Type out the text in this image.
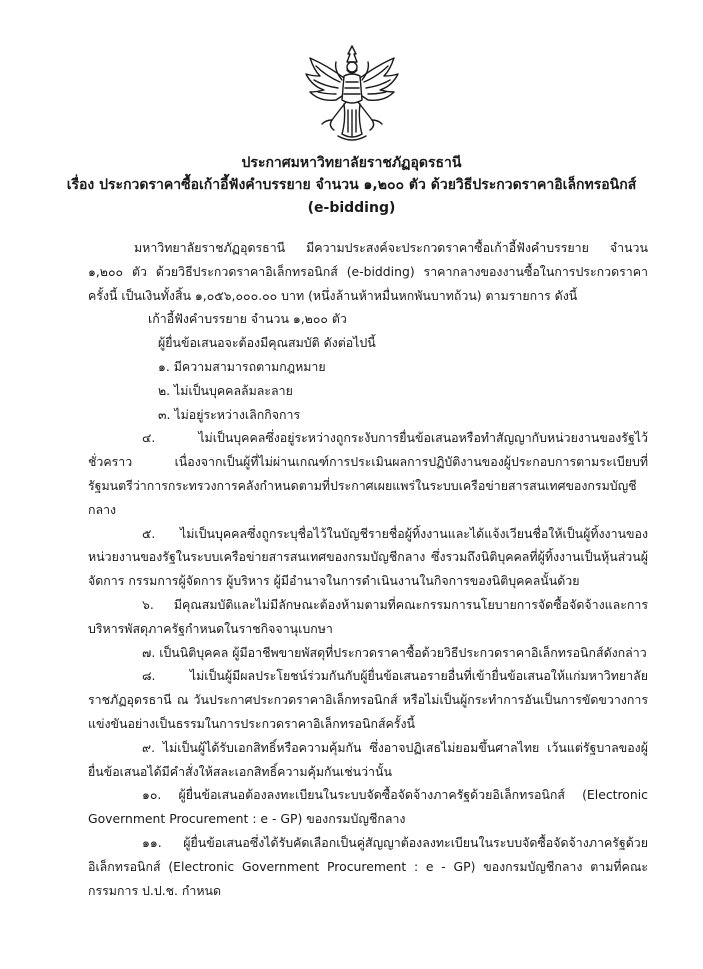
ประกาศมหาวิทยาลัยราชภัฏอุดรธานี
เรื่อง ประกวดราคาซื้อเก้าอี้ฟังคำบรรยาย จำนวน ๑,๒๐๐ ตัว ด้วยวิธีประกวดราคาอิเล็กทรอนิกส์
(e-bidding)

มหาวิทยาลัยราชภัฏอุดรธานี มีความประสงค์จะประกวดราคาซื้อเก้าอี้ฟังคำบรรยาย จำนวน ๑,๒๐๐ ตัว ด้วยวิธีประกวดราคาอิเล็กทรอนิกส์ (e-bidding) ราคากลางของงานซื้อในการประกวดราคาครั้งนี้ เป็นเงินทั้งสิ้น ๑,๐๕๖,๐๐๐.๐๐ บาท (หนึ่งล้านห้าหมื่นหกพันบาทถ้วน) ตามรายการ ดังนี้

เก้าอี้ฟังคำบรรยาย จำนวน ๑,๒๐๐ ตัว

ผู้ยื่นข้อเสนอจะต้องมีคุณสมบัติ ดังต่อไปนี้

๑. มีความสามารถตามกฎหมาย

๒. ไม่เป็นบุคคลล้มละลาย

๓. ไม่อยู่ระหว่างเลิกกิจการ

๔. ไม่เป็นบุคคลซึ่งอยู่ระหว่างถูกระงับการยื่นข้อเสนอหรือทำสัญญากับหน่วยงานของรัฐไว้ชั่วคราว เนื่องจากเป็นผู้ที่ไม่ผ่านเกณฑ์การประเมินผลการปฏิบัติงานของผู้ประกอบการตามระเบียบที่รัฐมนตรีว่าการกระทรวงการคลังกำหนดตามที่ประกาศเผยแพร่ในระบบเครือข่ายสารสนเทศของกรมบัญชีกลาง

๕. ไม่เป็นบุคคลซึ่งถูกระบุชื่อไว้ในบัญชีรายชื่อผู้ทิ้งงานและได้แจ้งเวียนชื่อให้เป็นผู้ทิ้งงานของหน่วยงานของรัฐในระบบเครือข่ายสารสนเทศของกรมบัญชีกลาง ซึ่งรวมถึงนิติบุคคลที่ผู้ทิ้งงานเป็นหุ้นส่วนผู้จัดการ กรรมการผู้จัดการ ผู้บริหาร ผู้มีอำนาจในการดำเนินงานในกิจการของนิติบุคคลนั้นด้วย

๖. มีคุณสมบัติและไม่มีลักษณะต้องห้ามตามที่คณะกรรมการนโยบายการจัดซื้อจัดจ้างและการบริหารพัสดุภาครัฐกำหนดในราชกิจจานุเบกษา

๗. เป็นนิติบุคคล ผู้มีอาชีพขายพัสดุที่ประกวดราคาซื้อด้วยวิธีประกวดราคาอิเล็กทรอนิกส์ดังกล่าว

๘. ไม่เป็นผู้มีผลประโยชน์ร่วมกันกับผู้ยื่นข้อเสนอรายอื่นที่เข้ายื่นข้อเสนอให้แก่มหาวิทยาลัยราชภัฏอุดรธานี ณ วันประกาศประกวดราคาอิเล็กทรอนิกส์ หรือไม่เป็นผู้กระทำการอันเป็นการขัดขวางการแข่งขันอย่างเป็นธรรมในการประกวดราคาอิเล็กทรอนิกส์ครั้งนี้

๙. ไม่เป็นผู้ได้รับเอกสิทธิ์หรือความคุ้มกัน ซึ่งอาจปฏิเสธไม่ยอมขึ้นศาลไทย เว้นแต่รัฐบาลของผู้ยื่นข้อเสนอได้มีคำสั่งให้สละเอกสิทธิ์ความคุ้มกันเช่นว่านั้น

๑๐. ผู้ยื่นข้อเสนอต้องลงทะเบียนในระบบจัดซื้อจัดจ้างภาครัฐด้วยอิเล็กทรอนิกส์ (Electronic Government Procurement : e - GP) ของกรมบัญชีกลาง

๑๑. ผู้ยื่นข้อเสนอซึ่งได้รับคัดเลือกเป็นคู่สัญญาต้องลงทะเบียนในระบบจัดซื้อจัดจ้างภาครัฐด้วยอิเล็กทรอนิกส์ (Electronic Government Procurement : e - GP) ของกรมบัญชีกลาง ตามที่คณะกรรมการ ป.ป.ช. กำหนด
